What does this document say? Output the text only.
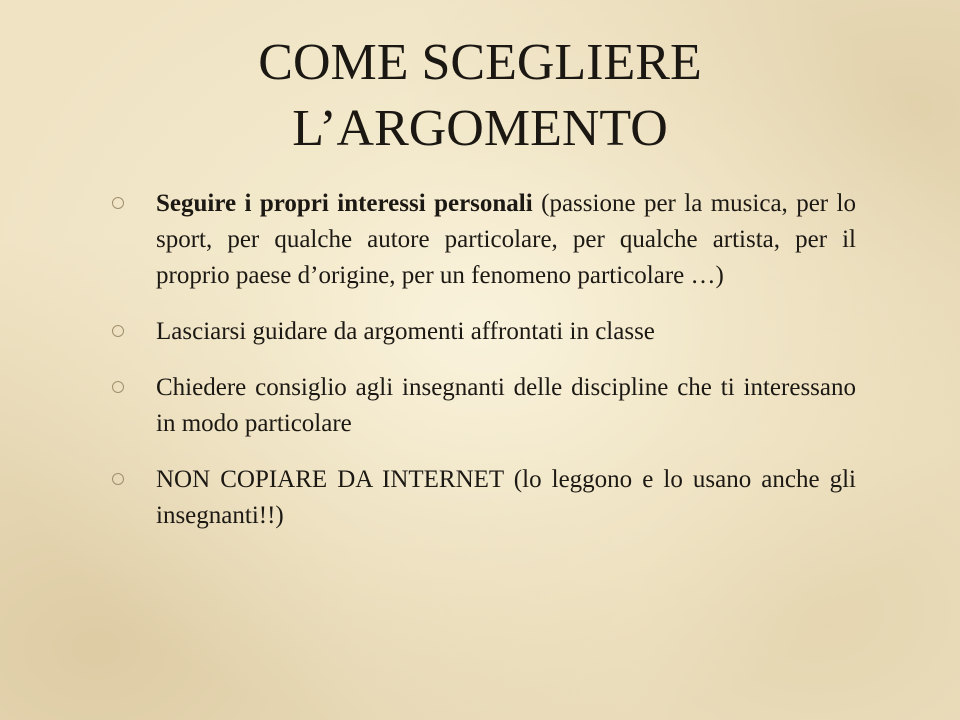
COME SCEGLIERE
L’ARGOMENTO
Seguire i propri interessi personali (passione per la musica, per lo sport, per qualche autore particolare, per qualche artista, per il proprio paese d’origine, per un fenomeno particolare …)
Lasciarsi guidare da argomenti affrontati in classe
Chiedere consiglio agli insegnanti delle discipline che ti interessano in modo particolare
NON COPIARE DA INTERNET (lo leggono e lo usano anche gli insegnanti!!)
